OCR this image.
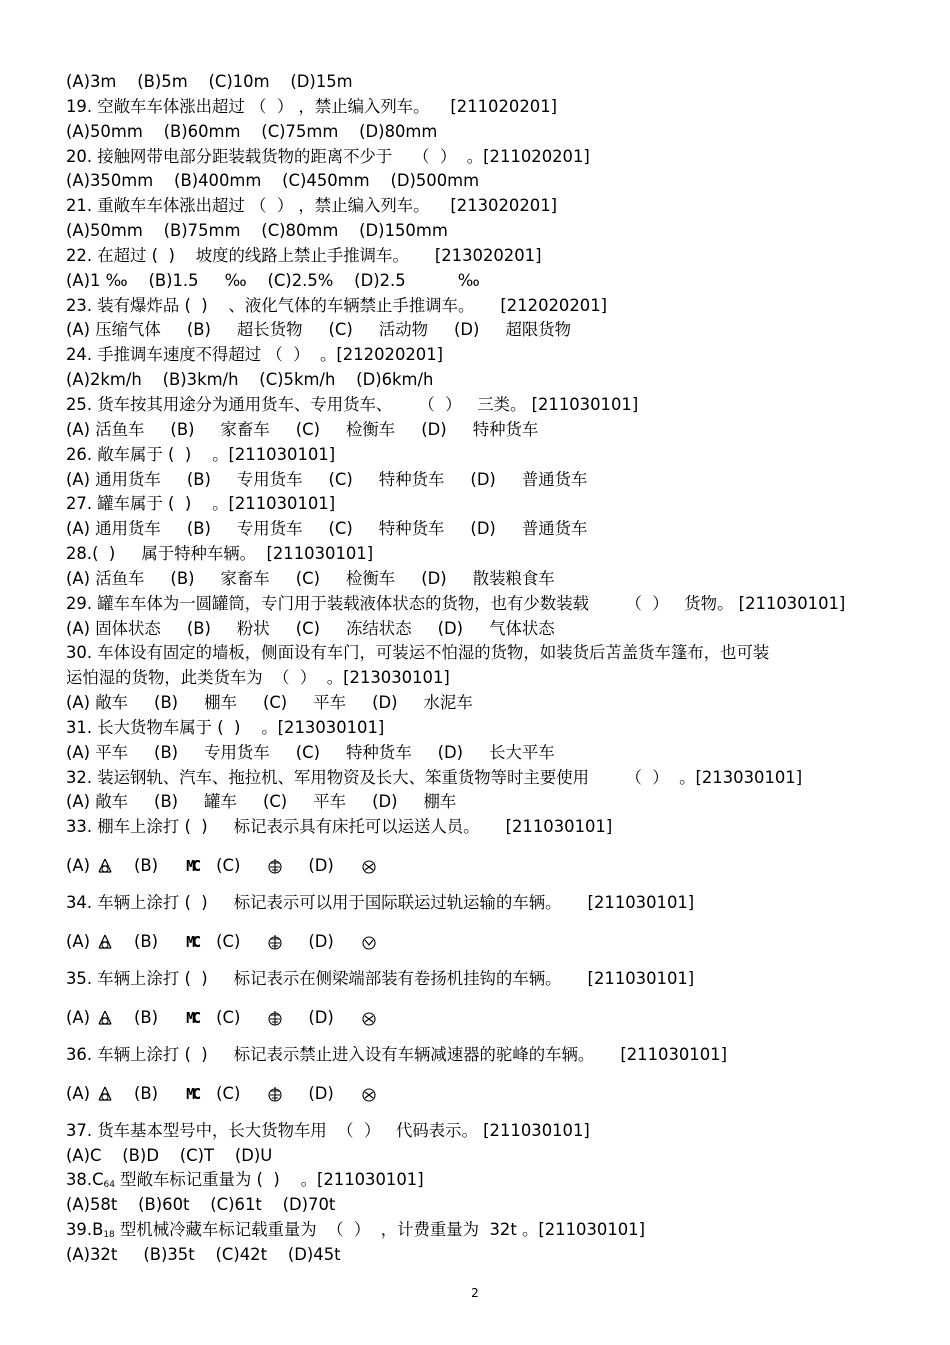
(A)3m    (B)5m    (C)10m    (D)15m
19. 空敞车车体涨出超过 （  ） ，禁止编入列车。    [211020201]
(A)50mm    (B)60mm    (C)75mm    (D)80mm
20. 接触网带电部分距装载货物的距离不少于    （  ）  。[211020201]
(A)350mm    (B)400mm    (C)450mm    (D)500mm
21. 重敞车车体涨出超过 （  ） ，禁止编入列车。    [213020201]
(A)50mm    (B)75mm    (C)80mm    (D)150mm
22. 在超过 (  )    坡度的线路上禁止手推调车。     [213020201]
(A)1 ‰    (B)1.5     ‰    (C)2.5%    (D)2.5          ‰
23. 装有爆炸品 (  )    、液化气体的车辆禁止手推调车。     [212020201]
(A) 压缩气体     (B)     超长货物     (C)     活动物     (D)     超限货物
24. 手推调车速度不得超过 （  ）  。[212020201]
(A)2km/h    (B)3km/h    (C)5km/h    (D)6km/h
25. 货车按其用途分为通用货车、专用货车、     （  ）   三类。 [211030101]
(A) 活鱼车     (B)     家畜车     (C)     检衡车     (D)     特种货车
26. 敞车属于 (  )    。[211030101]
(A) 通用货车     (B)     专用货车     (C)     特种货车     (D)     普通货车
27. 罐车属于 (  )    。[211030101]
(A) 通用货车     (B)     专用货车     (C)     特种货车     (D)     普通货车
28.(  )     属于特种车辆。  [211030101]
(A) 活鱼车     (B)     家畜车     (C)     检衡车     (D)     散装粮食车
29. 罐车车体为一圆罐筒，专门用于装载液体状态的货物，也有少数装载       （  ）   货物。 [211030101]
(A) 固体状态     (B)     粉状     (C)     冻结状态     (D)     气体状态
30. 车体设有固定的墙板，侧面设有车门，可装运不怕湿的货物，如装货后苫盖货车篷布，也可装
运怕湿的货物，此类货车为  （  ）  。[213030101]
(A) 敞车     (B)     棚车     (C)     平车     (D)     水泥车
31. 长大货物车属于 (  )    。[213030101]
(A) 平车     (B)     专用货车     (C)     特种货车     (D)     长大平车
32. 装运钢轨、汽车、拖拉机、军用物资及长大、笨重货物等时主要使用       （  ）  。[213030101]
(A) 敞车     (B)     罐车     (C)     平车     (D)     棚车
33. 棚车上涂打 (  )     标记表示具有床托可以运送人员。     [211030101]
(A)	(B) MC (C)	(D)
34. 车辆上涂打 (  )     标记表示可以用于国际联运过轨运输的车辆。     [211030101]
(A)	(B) MC (C)	(D)
35. 车辆上涂打 (  )     标记表示在侧梁端部装有卷扬机挂钩的车辆。     [211030101]
(A)	(B) MC (C)	(D)
36. 车辆上涂打 (  )     标记表示禁止进入设有车辆减速器的驼峰的车辆。     [211030101]
(A)	(B) MC (C)	(D)
37. 货车基本型号中，长大货物车用  （  ）   代码表示。 [211030101]
(A)C    (B)D    (C)T    (D)U
$38.C_{64}$ 型敞车标记重量为 (  )    。[211030101]
(A)58t    (B)60t    (C)61t    (D)70t
$39.B_{18}$ 型机械冷藏车标记载重量为  （  ）  ，计费重量为  32t 。[211030101]
(A)32t     (B)35t    (C)42t    (D)45t
2
